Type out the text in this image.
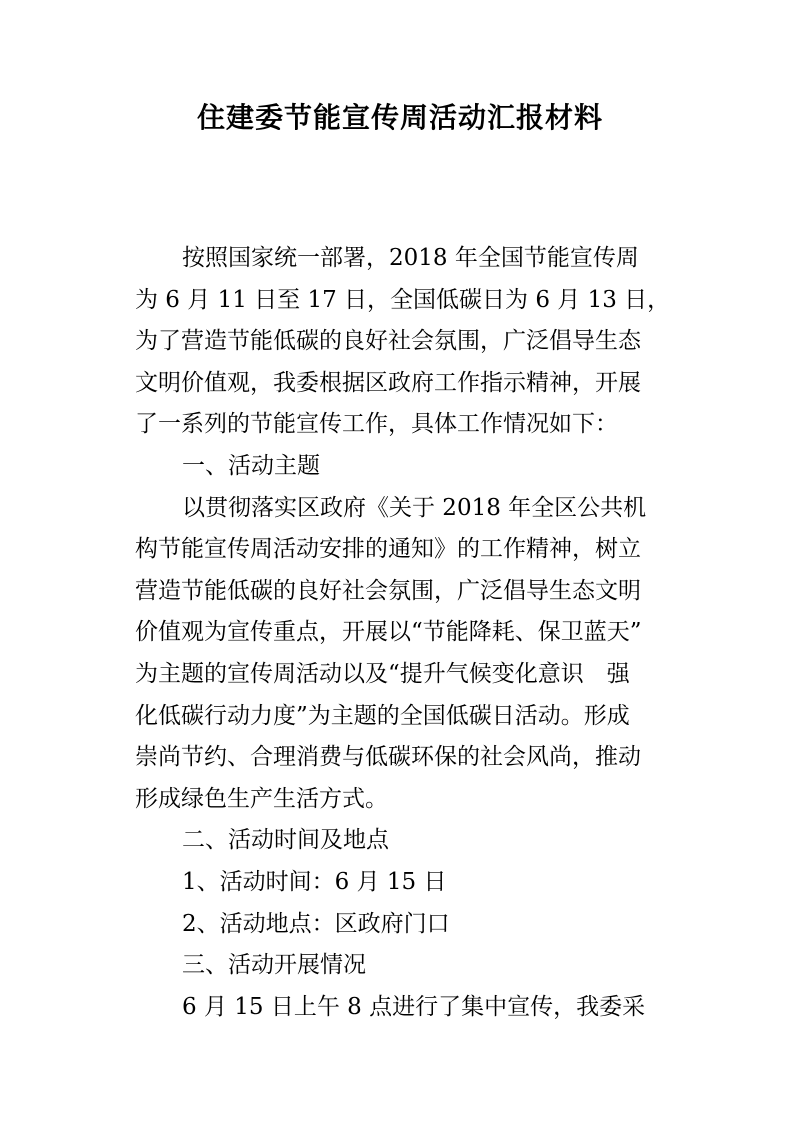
住建委节能宣传周活动汇报材料
按照国家统一部署，2018 年全国节能宣传周
为 6 月 11 日至 17 日，全国低碳日为 6 月 13 日，
为了营造节能低碳的良好社会氛围，广泛倡导生态
文明价值观，我委根据区政府工作指示精神，开展
了一系列的节能宣传工作，具体工作情况如下：
一、活动主题
以贯彻落实区政府《关于 2018 年全区公共机
构节能宣传周活动安排的通知》的工作精神，树立
营造节能低碳的良好社会氛围，广泛倡导生态文明
价值观为宣传重点，开展以“节能降耗、保卫蓝天”
为主题的宣传周活动以及“提升气候变化意识　强
化低碳行动力度”为主题的全国低碳日活动。形成
崇尚节约、合理消费与低碳环保的社会风尚，推动
形成绿色生产生活方式。
二、活动时间及地点
1、活动时间：6 月 15 日
2、活动地点：区政府门口
三、活动开展情况
6 月 15 日上午 8 点进行了集中宣传，我委采
